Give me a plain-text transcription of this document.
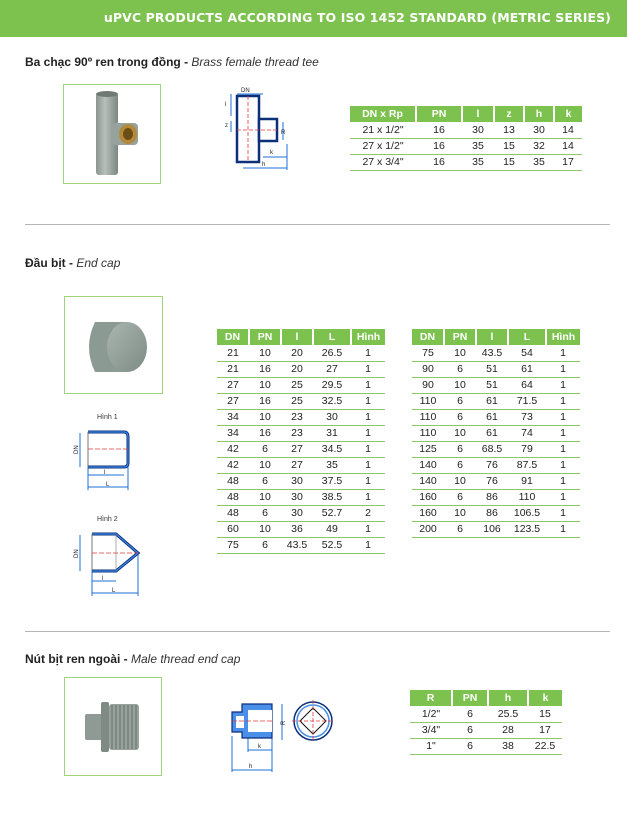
uPVC PRODUCTS ACCORDING TO ISO 1452 STANDARD (METRIC SERIES)
Ba chạc 90º ren trong đồng - Brass female thread tee
DN
l
z
R
k
h
DN x Rp	PN	l	z	h	k
21 x 1/2"	16	30	13	30	14
27 x 1/2"	16	35	15	32	14
27 x 3/4"	16	35	15	35	17
Đầu bịt - End cap
Hình 1
DN
l
L
Hình 2
DN
l
L
DN	PN	l	L	Hình
21	10	20	26.5	1
21	16	20	27	1
27	10	25	29.5	1
27	16	25	32.5	1
34	10	23	30	1
34	16	23	31	1
42	6	27	34.5	1
42	10	27	35	1
48	6	30	37.5	1
48	10	30	38.5	1
48	6	30	52.7	2
60	10	36	49	1
75	6	43.5	52.5	1
DN	PN	l	L	Hình
75	10	43.5	54	1
90	6	51	61	1
90	10	51	64	1
110	6	61	71.5	1
110	6	61	73	1
110	10	61	74	1
125	6	68.5	79	1
140	6	76	87.5	1
140	10	76	91	1
160	6	86	110	1
160	10	86	106.5	1
200	6	106	123.5	1
Nút bịt ren ngoài - Male thread end cap
R
k
h
R	PN	h	k
1/2"	6	25.5	15
3/4"	6	28	17
1"	6	38	22.5
